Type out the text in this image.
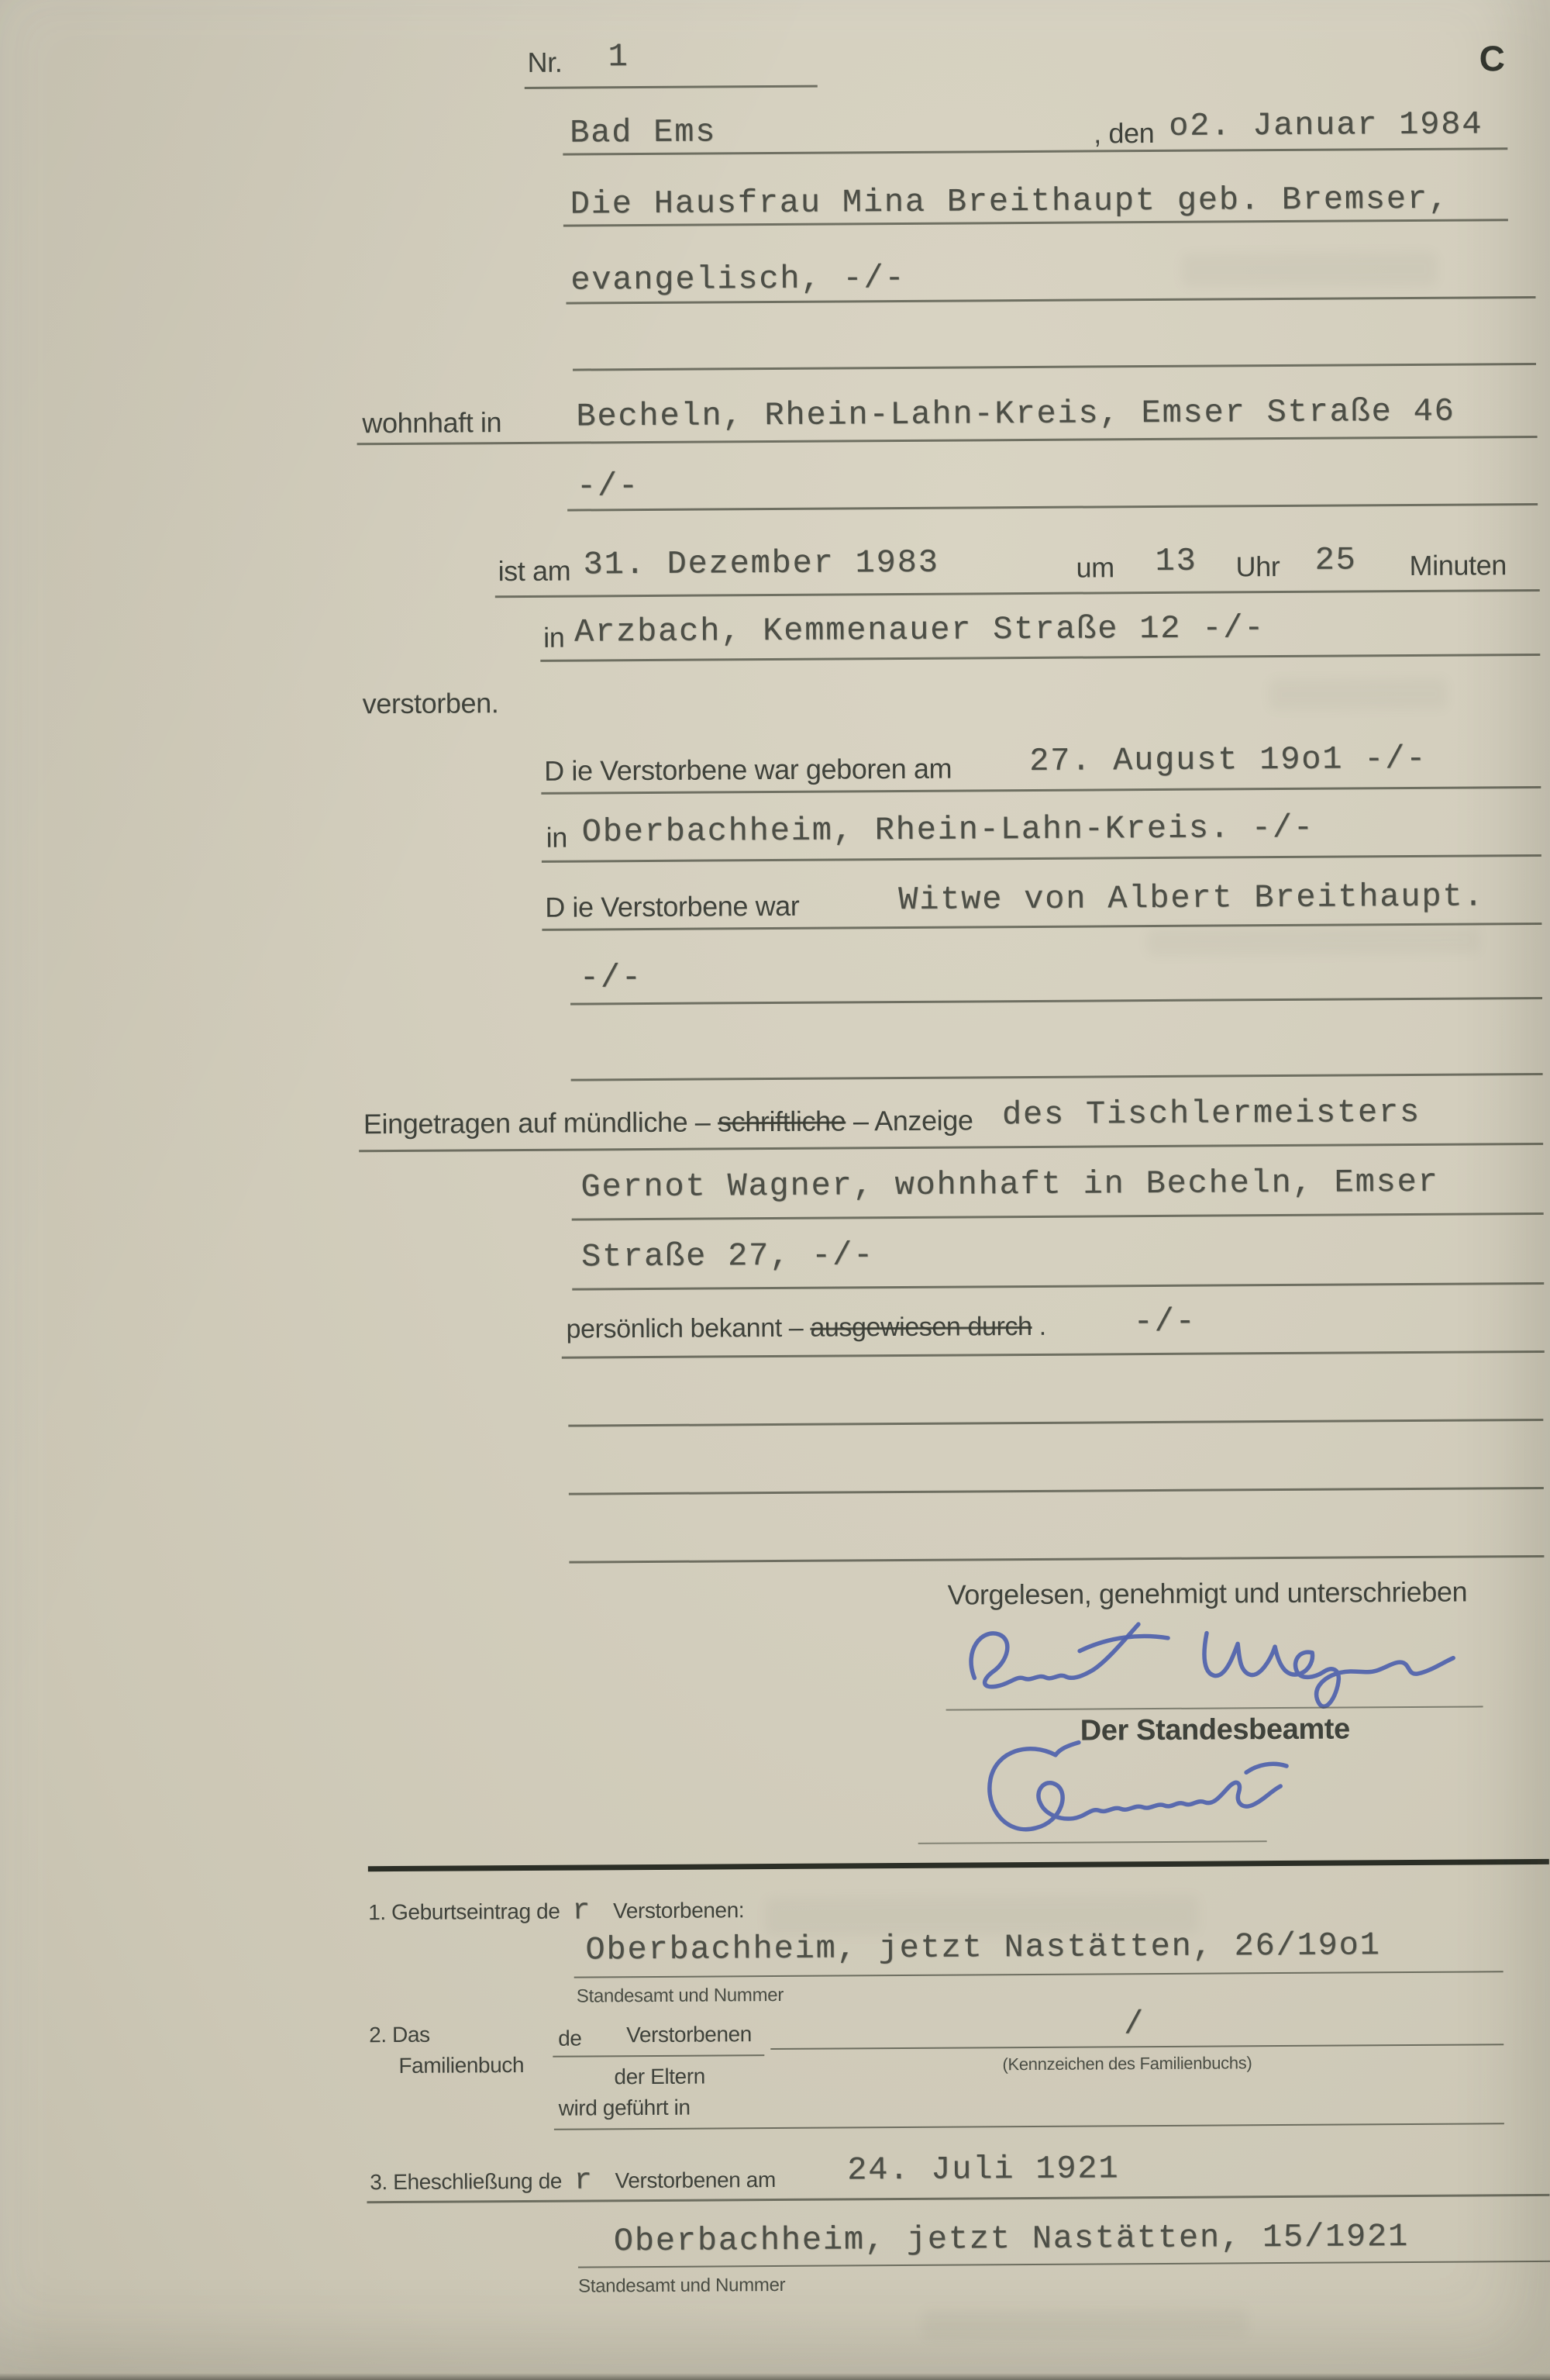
C
Nr. 1
Bad Ems	, den o2. Januar 1984
Die Hausfrau Mina Breithaupt geb. Bremser,
evangelisch, -/-
wohnhaft in Becheln, Rhein-Lahn-Kreis, Emser Straße 46
-/-
ist am 31. Dezember 1983	um 13 Uhr 25 Minuten
in Arzbach, Kemmenauer Straße 12 -/-
verstorben.
D ie Verstorbene war geboren am 27. August 19o1 -/-
in Oberbachheim, Rhein-Lahn-Kreis. -/-
D ie Verstorbene war	Witwe von Albert Breithaupt.
-/-
Eingetragen auf mündliche – schriftliche – Anzeige des Tischlermeisters
Gernot Wagner, wohnhaft in Becheln, Emser
Straße 27, -/-
persönlich bekannt – ausgewiesen durch .	-/-
Vorgelesen, genehmigt und unterschrieben
Der Standesbeamte
1. Geburtseintrag de r Verstorbenen:
Oberbachheim, jetzt Nastätten, 26/19o1
Standesamt und Nummer
2. Das
Familienbuch
de Verstorbenen
der Eltern
/
(Kennzeichen des Familienbuchs)
wird geführt in
3. Eheschließung de r Verstorbenen am 24. Juli 1921
Oberbachheim, jetzt Nastätten, 15/1921
Standesamt und Nummer
